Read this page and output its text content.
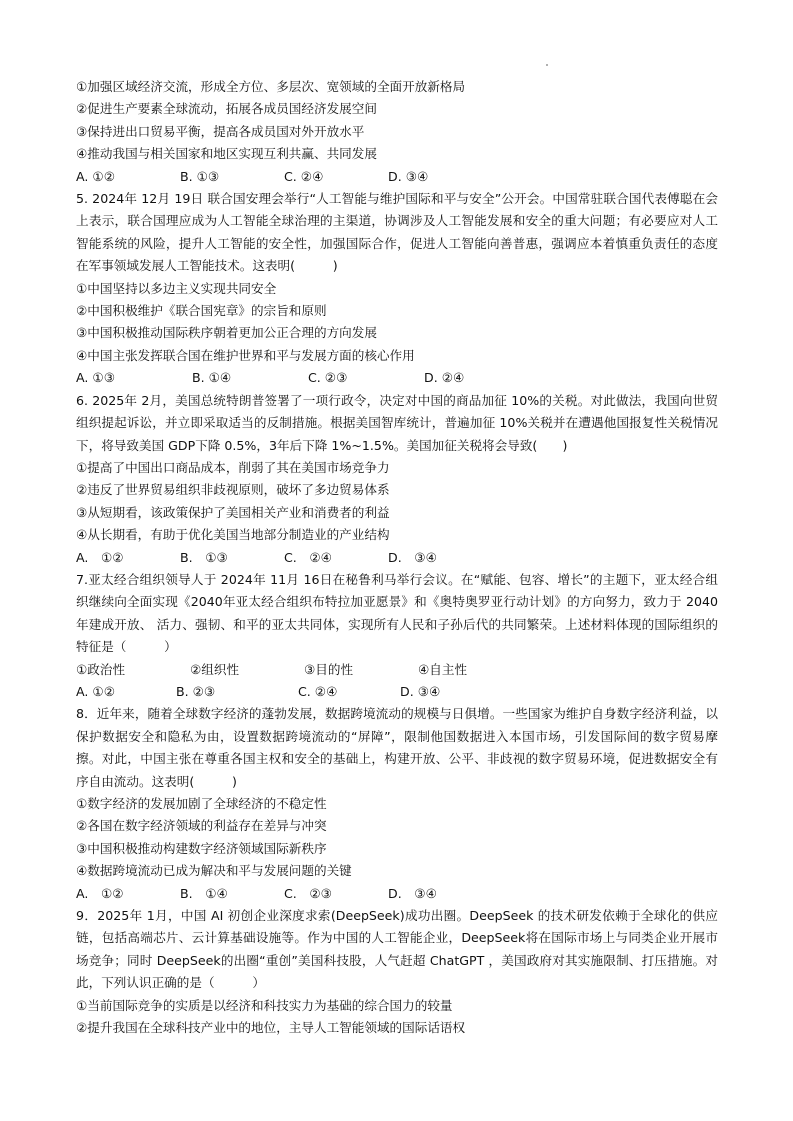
①加强区域经济交流，形成全方位、多层次、宽领域的全面开放新格局
②促进生产要素全球流动，拓展各成员国经济发展空间
③保持进出口贸易平衡，提高各成员国对外开放水平
④推动我国与相关国家和地区实现互利共赢、共同发展
A. ①②	B. ①③	C. ②④	D. ③④
5. 2024年 12月 19日 联合国安理会举行“人工智能与维护国际和平与安全”公开会。中国常驻联合国代表傅聪在会上表示，联合国理应成为人工智能全球治理的主渠道，协调涉及人工智能发展和安全的重大问题；有必要应对人工智能系统的风险，提升人工智能的安全性，加强国际合作，促进人工智能向善普惠，强调应本着慎重负责任的态度在军事领域发展人工智能技术。这表明(　　　)
①中国坚持以多边主义实现共同安全
②中国积极维护《联合国宪章》的宗旨和原则
③中国积极推动国际秩序朝着更加公正合理的方向发展
④中国主张发挥联合国在维护世界和平与发展方面的核心作用
A. ①③	B. ①④	C. ②③	D. ②④
6. 2025年 2月，美国总统特朗普签署了一项行政令，决定对中国的商品加征 10%的关税。对此做法，我国向世贸组织提起诉讼，并立即采取适当的反制措施。根据美国智库统计，普遍加征 10%关税并在遭遇他国报复性关税情况下，将导致美国 GDP下降 0.5%，3年后下降 1%~1.5%。美国加征关税将会导致(　　)
①提高了中国出口商品成本，削弱了其在美国市场竞争力
②违反了世界贸易组织非歧视原则，破坏了多边贸易体系
③从短期看，该政策保护了美国相关产业和消费者的利益
④从长期看，有助于优化美国当地部分制造业的产业结构
A.　①②	B.　①③	C.　②④	D.　③④
7.亚太经合组织领导人于 2024年 11月 16日在秘鲁利马举行会议。在“赋能、包容、增长”的主题下，亚太经合组织继续向全面实现《2040年亚太经合组织布特拉加亚愿景》和《奥特奥罗亚行动计划》的方向努力，致力于 2040年建成开放、 活力、强韧、和平的亚太共同体，实现所有人民和子孙后代的共同繁荣。上述材料体现的国际组织的特征是（　　　）
①政治性	②组织性	③目的性	④自主性
A. ①②	B. ②③	C. ②④	D. ③④
8．近年来，随着全球数字经济的蓬勃发展，数据跨境流动的规模与日俱增。一些国家为维护自身数字经济利益，以保护数据安全和隐私为由，设置数据跨境流动的“屏障”，限制他国数据进入本国市场，引发国际间的数字贸易摩擦。对此，中国主张在尊重各国主权和安全的基础上，构建开放、公平、非歧视的数字贸易环境，促进数据安全有序自由流动。这表明(　　　)
①数字经济的发展加剧了全球经济的不稳定性
②各国在数字经济领域的利益存在差异与冲突
③中国积极推动构建数字经济领域国际新秩序
④数据跨境流动已成为解决和平与发展问题的关键
A.　①②	B.　①④	C.　②③	D.　③④
9．2025年 1月，中国 AI 初创企业深度求索(DeepSeek)成功出圈。DeepSeek 的技术研发依赖于全球化的供应链，包括高端芯片、云计算基础设施等。作为中国的人工智能企业，DeepSeek将在国际市场上与同类企业开展市场竞争；同时 DeepSeek的出圈“重创”美国科技股，人气赶超 ChatGPT ，美国政府对其实施限制、打压措施。对此，下列认识正确的是（　　　）
①当前国际竞争的实质是以经济和科技实力为基础的综合国力的较量
②提升我国在全球科技产业中的地位，主导人工智能领域的国际话语权
